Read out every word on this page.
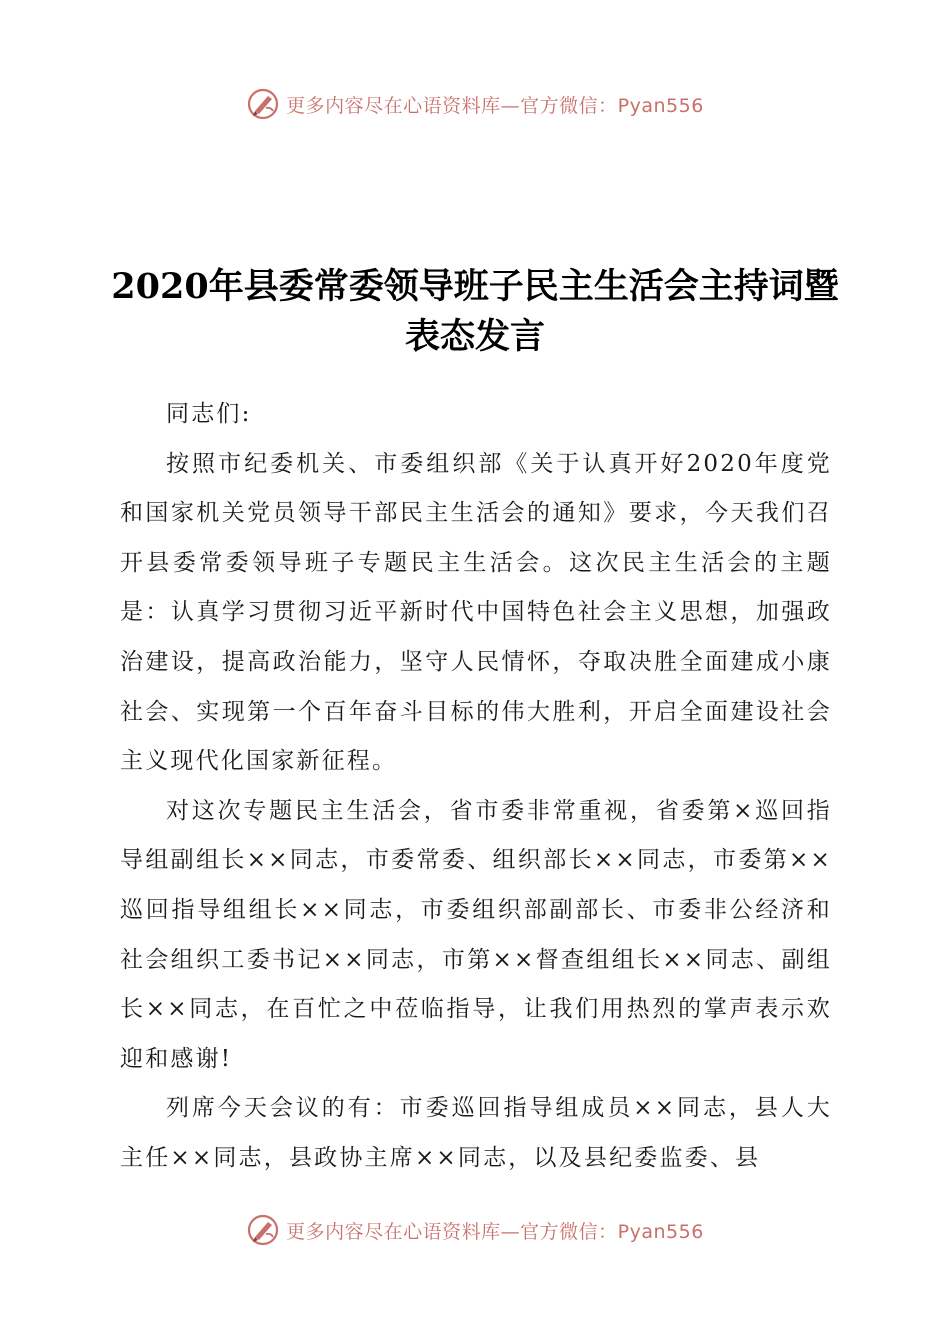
更多内容尽在心语资料库—官方微信：Pyan556
2020年县委常委领导班子民主生活会主持词暨
表态发言

同志们:

按照市纪委机关、市委组织部《关于认真开好2020年度党和国家机关党员领导干部民主生活会的通知》要求，今天我们召开县委常委领导班子专题民主生活会。这次民主生活会的主题是：认真学习贯彻习近平新时代中国特色社会主义思想，加强政治建设，提高政治能力，坚守人民情怀，夺取决胜全面建成小康社会、实现第一个百年奋斗目标的伟大胜利，开启全面建设社会主义现代化国家新征程。

对这次专题民主生活会，省市委非常重视，省委第×巡回指导组副组长××同志，市委常委、组织部长××同志，市委第××巡回指导组组长××同志，市委组织部副部长、市委非公经济和社会组织工委书记××同志，市第××督查组组长××同志、副组长××同志，在百忙之中莅临指导，让我们用热烈的掌声表示欢迎和感谢!

列席今天会议的有：市委巡回指导组成员××同志，县人大主任××同志，县政协主席××同志，以及县纪委监委、县

更多内容尽在心语资料库—官方微信：Pyan556
